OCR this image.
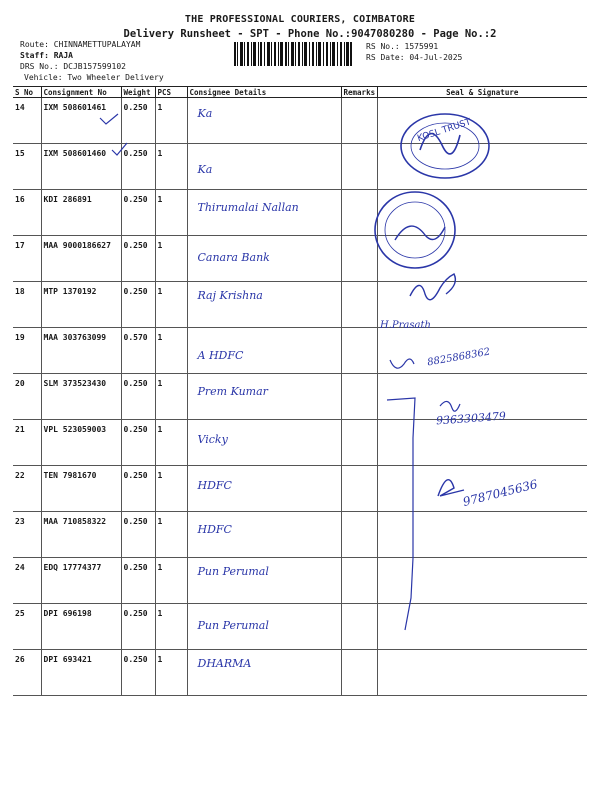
THE PROFESSIONAL COURIERS, COIMBATORE
Delivery Runsheet - SPT - Phone No.:9047080280 - Page No.:2
Route: CHINNAMETTUPALAYAM
Staff: RAJA
DRS No.: DCJB157599102
Vehicle: Two Wheeler Delivery
RS No.: 1575991
RS Date: 04-Jul-2025
S No	Consignment No	Weight	PCS	Consignee Details	Remarks	Seal & Signature
14	IXM 508601461	0.250	1	Ka		
15	IXM 508601460	0.250	1	Ka		
16	KDI 286891	0.250	1	Thirumalai Nallan		
17	MAA 9000186627	0.250	1	Canara Bank		
18	MTP 1370192	0.250	1	Raj Krishna		
19	MAA 303763099	0.570	1	A HDFC		
20	SLM 373523430	0.250	1	Prem Kumar		
21	VPL 523059003	0.250	1	Vicky		
22	TEN 7981670	0.250	1	HDFC		
23	MAA 710858322	0.250	1	HDFC		
24	EDQ 17774377	0.250	1	Pun Perumal		
25	DPI 696198	0.250	1	Pun Perumal		
26	DPI 693421	0.250	1	DHARMA		
KOSL TRUST
8825868362
9363303479
9787045636
H.Prasath
